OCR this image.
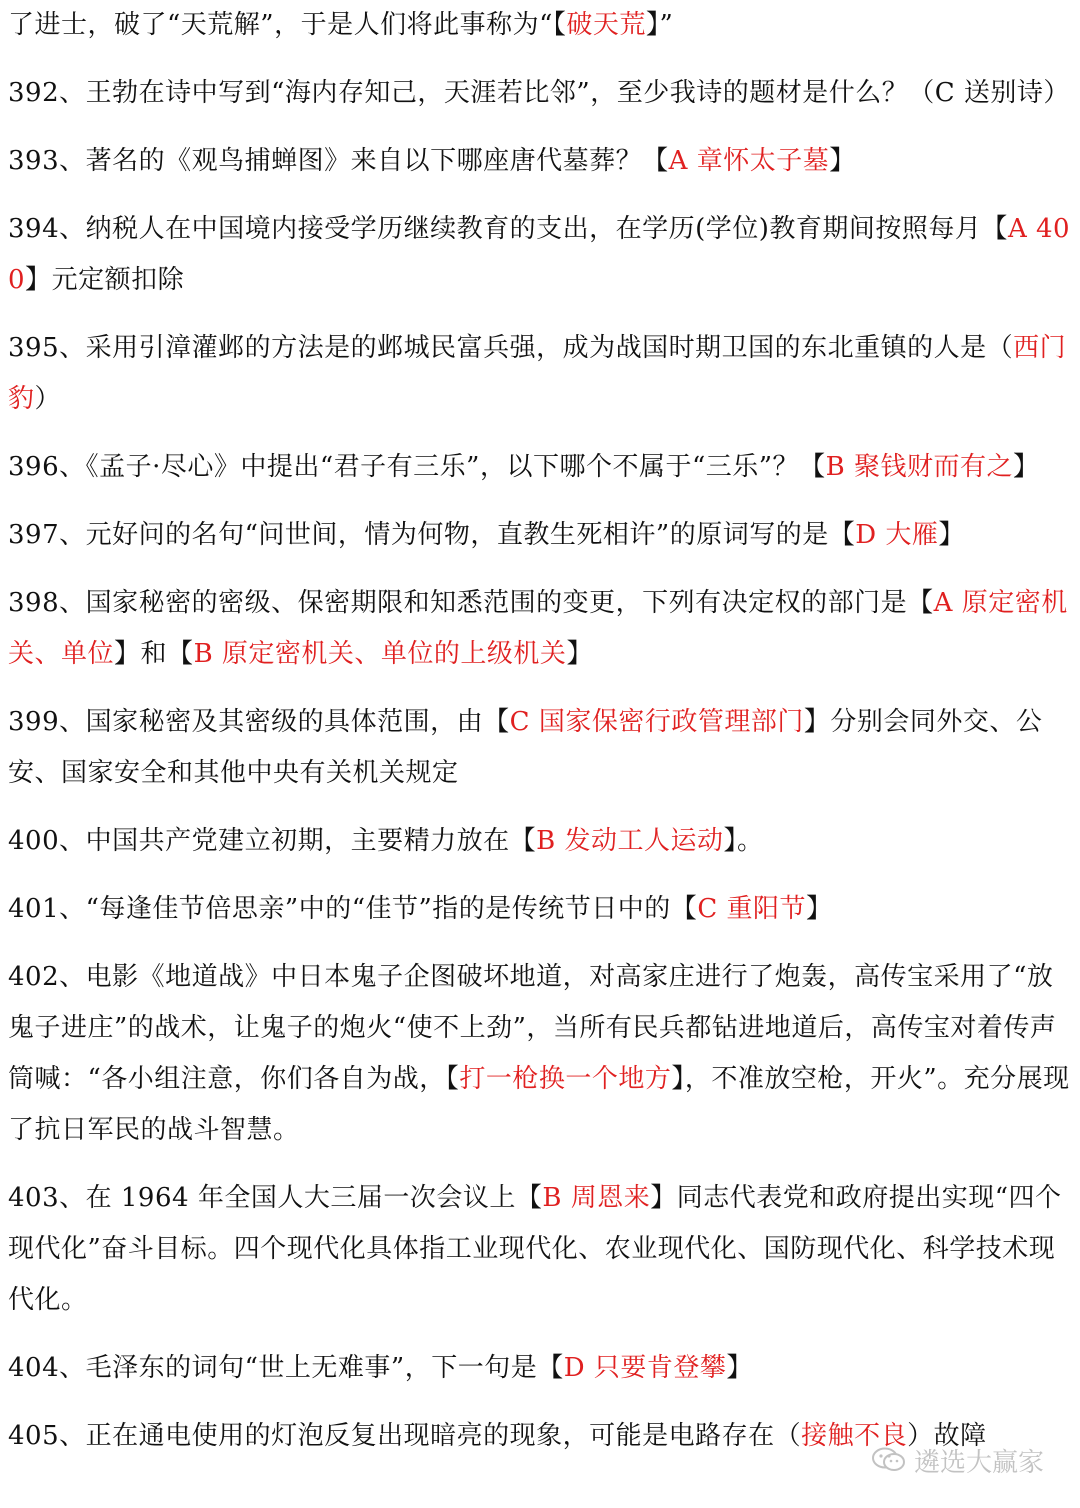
了进士，破了“天荒解”，于是人们将此事称为“【破天荒】”

392、王勃在诗中写到“海内存知己，天涯若比邻”，至少我诗的题材是什么？（C 送别诗）

393、著名的《观鸟捕蝉图》来自以下哪座唐代墓葬？【A 章怀太子墓】

394、纳税人在中国境内接受学历继续教育的支出，在学历(学位)教育期间按照每月【A 400】元定额扣除

395、采用引漳灌邺的方法是的邺城民富兵强，成为战国时期卫国的东北重镇的人是（西门豹）

396、《孟子·尽心》中提出“君子有三乐”，以下哪个不属于“三乐”？【B 聚钱财而有之】

397、元好问的名句“问世间，情为何物，直教生死相许”的原词写的是【D 大雁】

398、国家秘密的密级、保密期限和知悉范围的变更，下列有决定权的部门是【A 原定密机关、单位】和【B 原定密机关、单位的上级机关】

399、国家秘密及其密级的具体范围，由【C 国家保密行政管理部门】分别会同外交、公安、国家安全和其他中央有关机关规定

400、中国共产党建立初期，主要精力放在【B 发动工人运动】。

401、“每逢佳节倍思亲”中的“佳节”指的是传统节日中的【C 重阳节】

402、电影《地道战》中日本鬼子企图破坏地道，对高家庄进行了炮轰，高传宝采用了“放鬼子进庄”的战术，让鬼子的炮火“使不上劲”，当所有民兵都钻进地道后，高传宝对着传声筒喊：“各小组注意，你们各自为战，【打一枪换一个地方】，不准放空枪，开火”。充分展现了抗日军民的战斗智慧。

403、在 1964 年全国人大三届一次会议上【B 周恩来】同志代表党和政府提出实现“四个现代化”奋斗目标。四个现代化具体指工业现代化、农业现代化、国防现代化、科学技术现代化。

404、毛泽东的词句“世上无难事”，下一句是【D 只要肯登攀】

405、正在通电使用的灯泡反复出现暗亮的现象，可能是电路存在（接触不良）故障

遴选大赢家
